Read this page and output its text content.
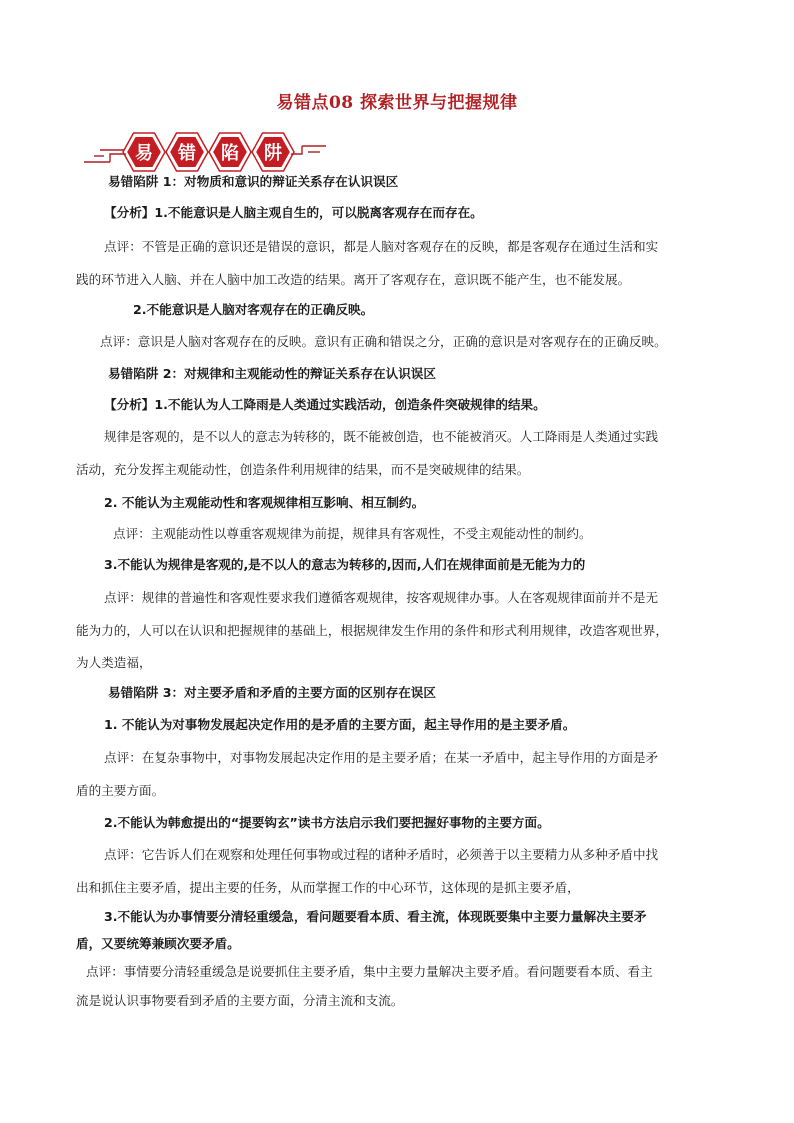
易错点08 探索世界与把握规律
易 错 陷 阱
易错陷阱 1：对物质和意识的辩证关系存在认识误区
【分析】1.不能意识是人脑主观自生的，可以脱离客观存在而存在。
点评：不管是正确的意识还是错误的意识，都是人脑对客观存在的反映，都是客观存在通过生活和实
践的环节进入人脑、并在人脑中加工改造的结果。离开了客观存在，意识既不能产生，也不能发展。
2.不能意识是人脑对客观存在的正确反映。
点评：意识是人脑对客观存在的反映。意识有正确和错误之分，正确的意识是对客观存在的正确反映。
易错陷阱 2：对规律和主观能动性的辩证关系存在认识误区
【分析】1.不能认为人工降雨是人类通过实践活动，创造条件突破规律的结果。
规律是客观的，是不以人的意志为转移的，既不能被创造，也不能被消灭。人工降雨是人类通过实践
活动，充分发挥主观能动性，创造条件利用规律的结果，而不是突破规律的结果。
2. 不能认为主观能动性和客观规律相互影响、相互制约。
点评：主观能动性以尊重客观规律为前提，规律具有客观性，不受主观能动性的制约。
3.不能认为规律是客观的,是不以人的意志为转移的,因而,人们在规律面前是无能为力的
点评：规律的普遍性和客观性要求我们遵循客观规律，按客观规律办事。人在客观规律面前并不是无
能为力的，人可以在认识和把握规律的基础上，根据规律发生作用的条件和形式利用规律，改造客观世界，
为人类造福，
易错陷阱 3：对主要矛盾和矛盾的主要方面的区别存在误区
1. 不能认为对事物发展起决定作用的是矛盾的主要方面，起主导作用的是主要矛盾。
点评：在复杂事物中，对事物发展起决定作用的是主要矛盾；在某一矛盾中，起主导作用的方面是矛
盾的主要方面。
2.不能认为韩愈提出的“提要钩玄”读书方法启示我们要把握好事物的主要方面。
点评：它告诉人们在观察和处理任何事物或过程的诸种矛盾时，必须善于以主要精力从多种矛盾中找
出和抓住主要矛盾，提出主要的任务，从而掌握工作的中心环节，这体现的是抓主要矛盾，
3.不能认为办事情要分清轻重缓急，看问题要看本质、看主流，体现既要集中主要力量解决主要矛
盾，又要统筹兼顾次要矛盾。
点评：事情要分清轻重缓急是说要抓住主要矛盾，集中主要力量解决主要矛盾。看问题要看本质、看主
流是说认识事物要看到矛盾的主要方面，分清主流和支流。
